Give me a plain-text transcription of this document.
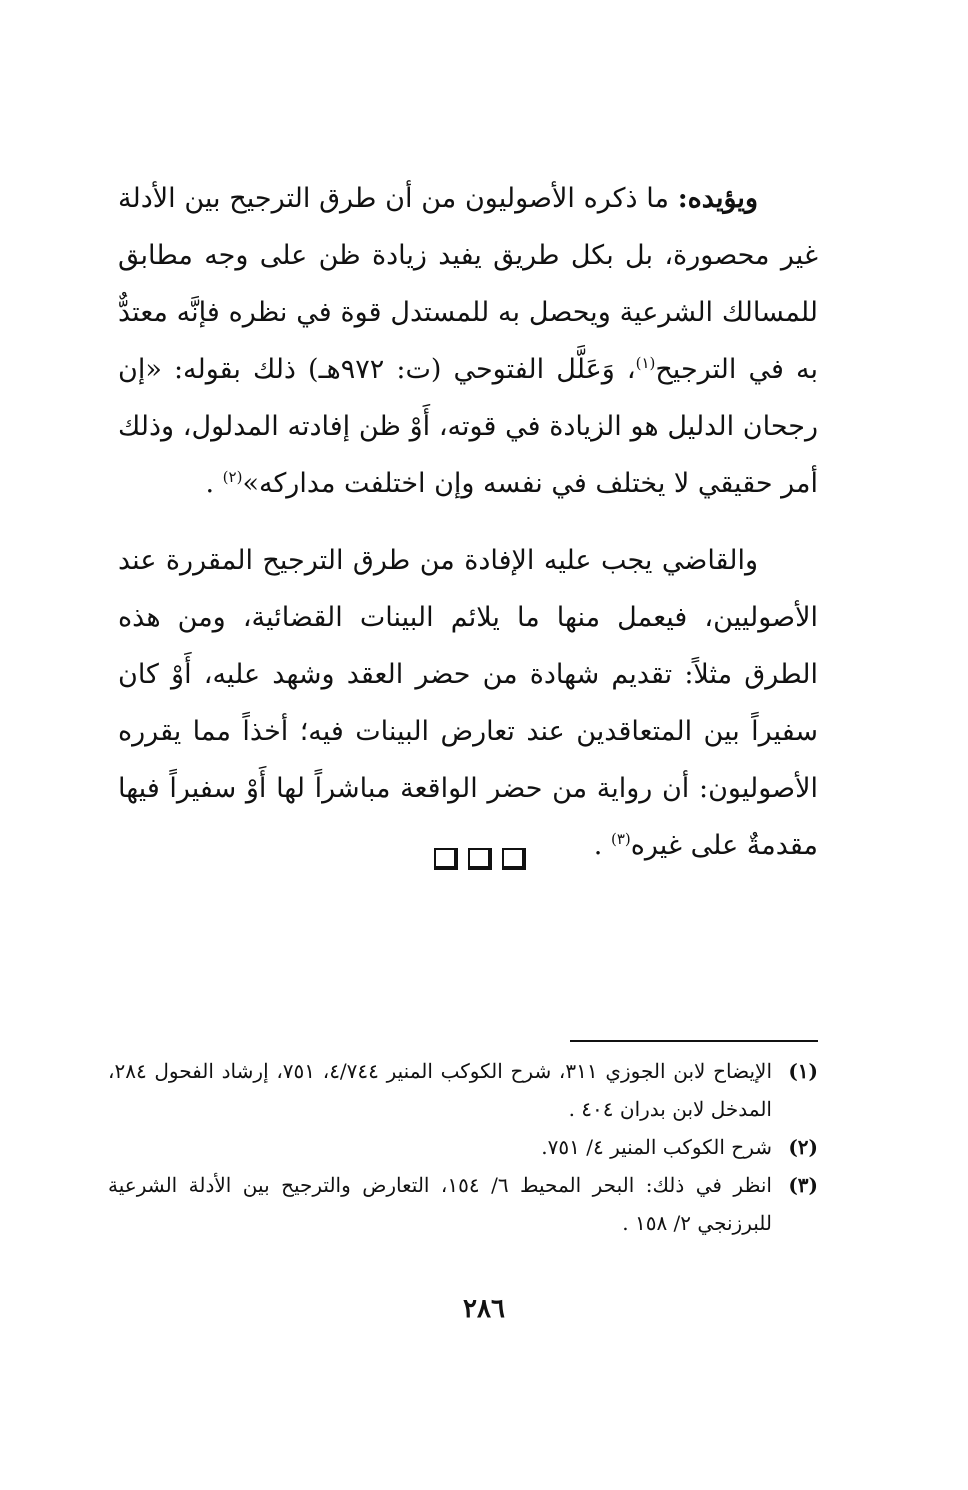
ويؤيده: ما ذكره الأصوليون من أن طرق الترجيح بين الأدلة غير محصورة، بل بكل طريق يفيد زيادة ظن على وجه مطابق للمسالك الشرعية ويحصل به للمستدل قوة في نظره فإنَّه معتدٌّ به في الترجيح$^{(١)}$، وَعَلَّل الفتوحي (ت: ٩٧٢هـ) ذلك بقوله: «إن رجحان الدليل هو الزيادة في قوته، أَوْ ظن إفادته المدلول، وذلك أمر حقيقي لا يختلف في نفسه وإن اختلفت مداركه»$^{(٢)}$ .

والقاضي يجب عليه الإفادة من طرق الترجيح المقررة عند الأصوليين، فيعمل منها ما يلائم البينات القضائية، ومن هذه الطرق مثلاً: تقديم شهادة من حضر العقد وشهد عليه، أَوْ كان سفيراً بين المتعاقدين عند تعارض البينات فيه؛ أخذاً مما يقرره الأصوليون: أن رواية من حضر الواقعة مباشراً لها أَوْ سفيراً فيها مقدمةٌ على غيره$^{(٣)}$ .

(١)
الإيضاح لابن الجوزي ٣١١، شرح الكوكب المنير ٤/٧٤٤، ٧٥١، إرشاد الفحول ٢٨٤، المدخل لابن بدران ٤٠٤ .
(٢)
شرح الكوكب المنير ٤/ ٧٥١.
(٣)
انظر في ذلك: البحر المحيط ٦/ ١٥٤، التعارض والترجيح بين الأدلة الشرعية للبرزنجي ٢/ ١٥٨ .
٢٨٦
